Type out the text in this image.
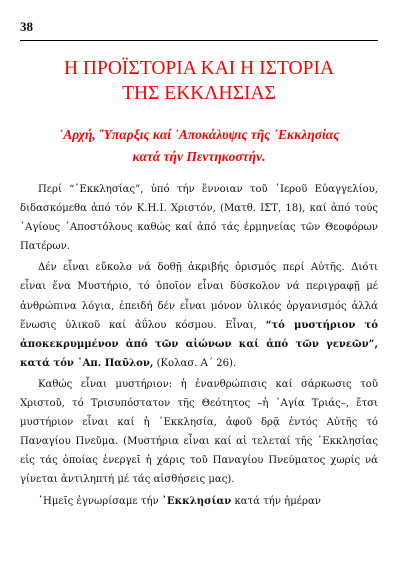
38
Η ΠΡΟΪΣΤΟΡΙΑ ΚΑΙ Η ΙΣΤΟΡΙΑ
ΤΗΣ ΕΚΚΛΗΣΙΑΣ
᾿Αρχή, ῞Υπαρξις καί ᾿Αποκάλυψις τῆς ᾿Εκκλησίας
κατά τήν Πεντηκοστήν.

Περί “᾿Εκκλησίας”, ὑπό τήν ἔννοιαν τοῦ ῾Ιεροῦ Εὐαγγελίου, διδασκόμεθα ἀπό τόν Κ.Η.Ι. Χριστόν, (Ματθ. ΙΣΤ, 18), καί ἀπό τούς ῾Αγίους ᾿Αποστόλους καθώς καί ἀπό τάς ἑρμηνείας τῶν Θεοφόρων Πατέρων.

Δέν εἶναι εὔκολο νά δοθῇ ἀκριβής ὁρισμός περί Αὐτῆς. Διότι εἶναι ἕνα Μυστήριο, τό ὁποῖον εἶναι δύσκολον νά περιγραφῇ μέ ἀνθρώπινα λόγια, ἐπειδή δέν εἶναι μόνον ὑλικός ὀργανισμός ἀλλά ἕνωσις ὑλικοῦ καί ἀΰλου κόσμου. Εἶναι, “τό μυστήριον τό ἀποκεκρυμμένον ἀπό τῶν αἰώνων καί ἀπό τῶν γενεῶν”, κατά τόν ᾿Απ. Παῦλον, (Κολασ. Α´ 26).

Καθώς εἶναι μυστήριον: ἡ ἐνανθρώπισις καί σάρκωσις τοῦ Χριστοῦ, τό Τρισυπόστατον τῆς Θεότητος –ἡ ῾Αγία Τριάς–, ἔτσι μυστήριον εἶναι καί ἡ ᾿Εκκλησία, ἀφοῦ δρᾷ ἐντός Αὐτῆς τό Παναγίου Πνεῦμα. (Μυστήρια εἶναι καί αἱ τελεταί τῆς ᾿Εκκλησίας εἰς τάς ὁποίας ἐνεργεῖ ἡ χάρις τοῦ Παναγίου Πνεύματος χωρίς νά γίνεται ἀντιληπτή μέ τάς αἰσθήσεις μας).

῾Ημεῖς ἐγνωρίσαμε τήν ᾿Εκκλησίαν κατά τήν ἡμέραν
